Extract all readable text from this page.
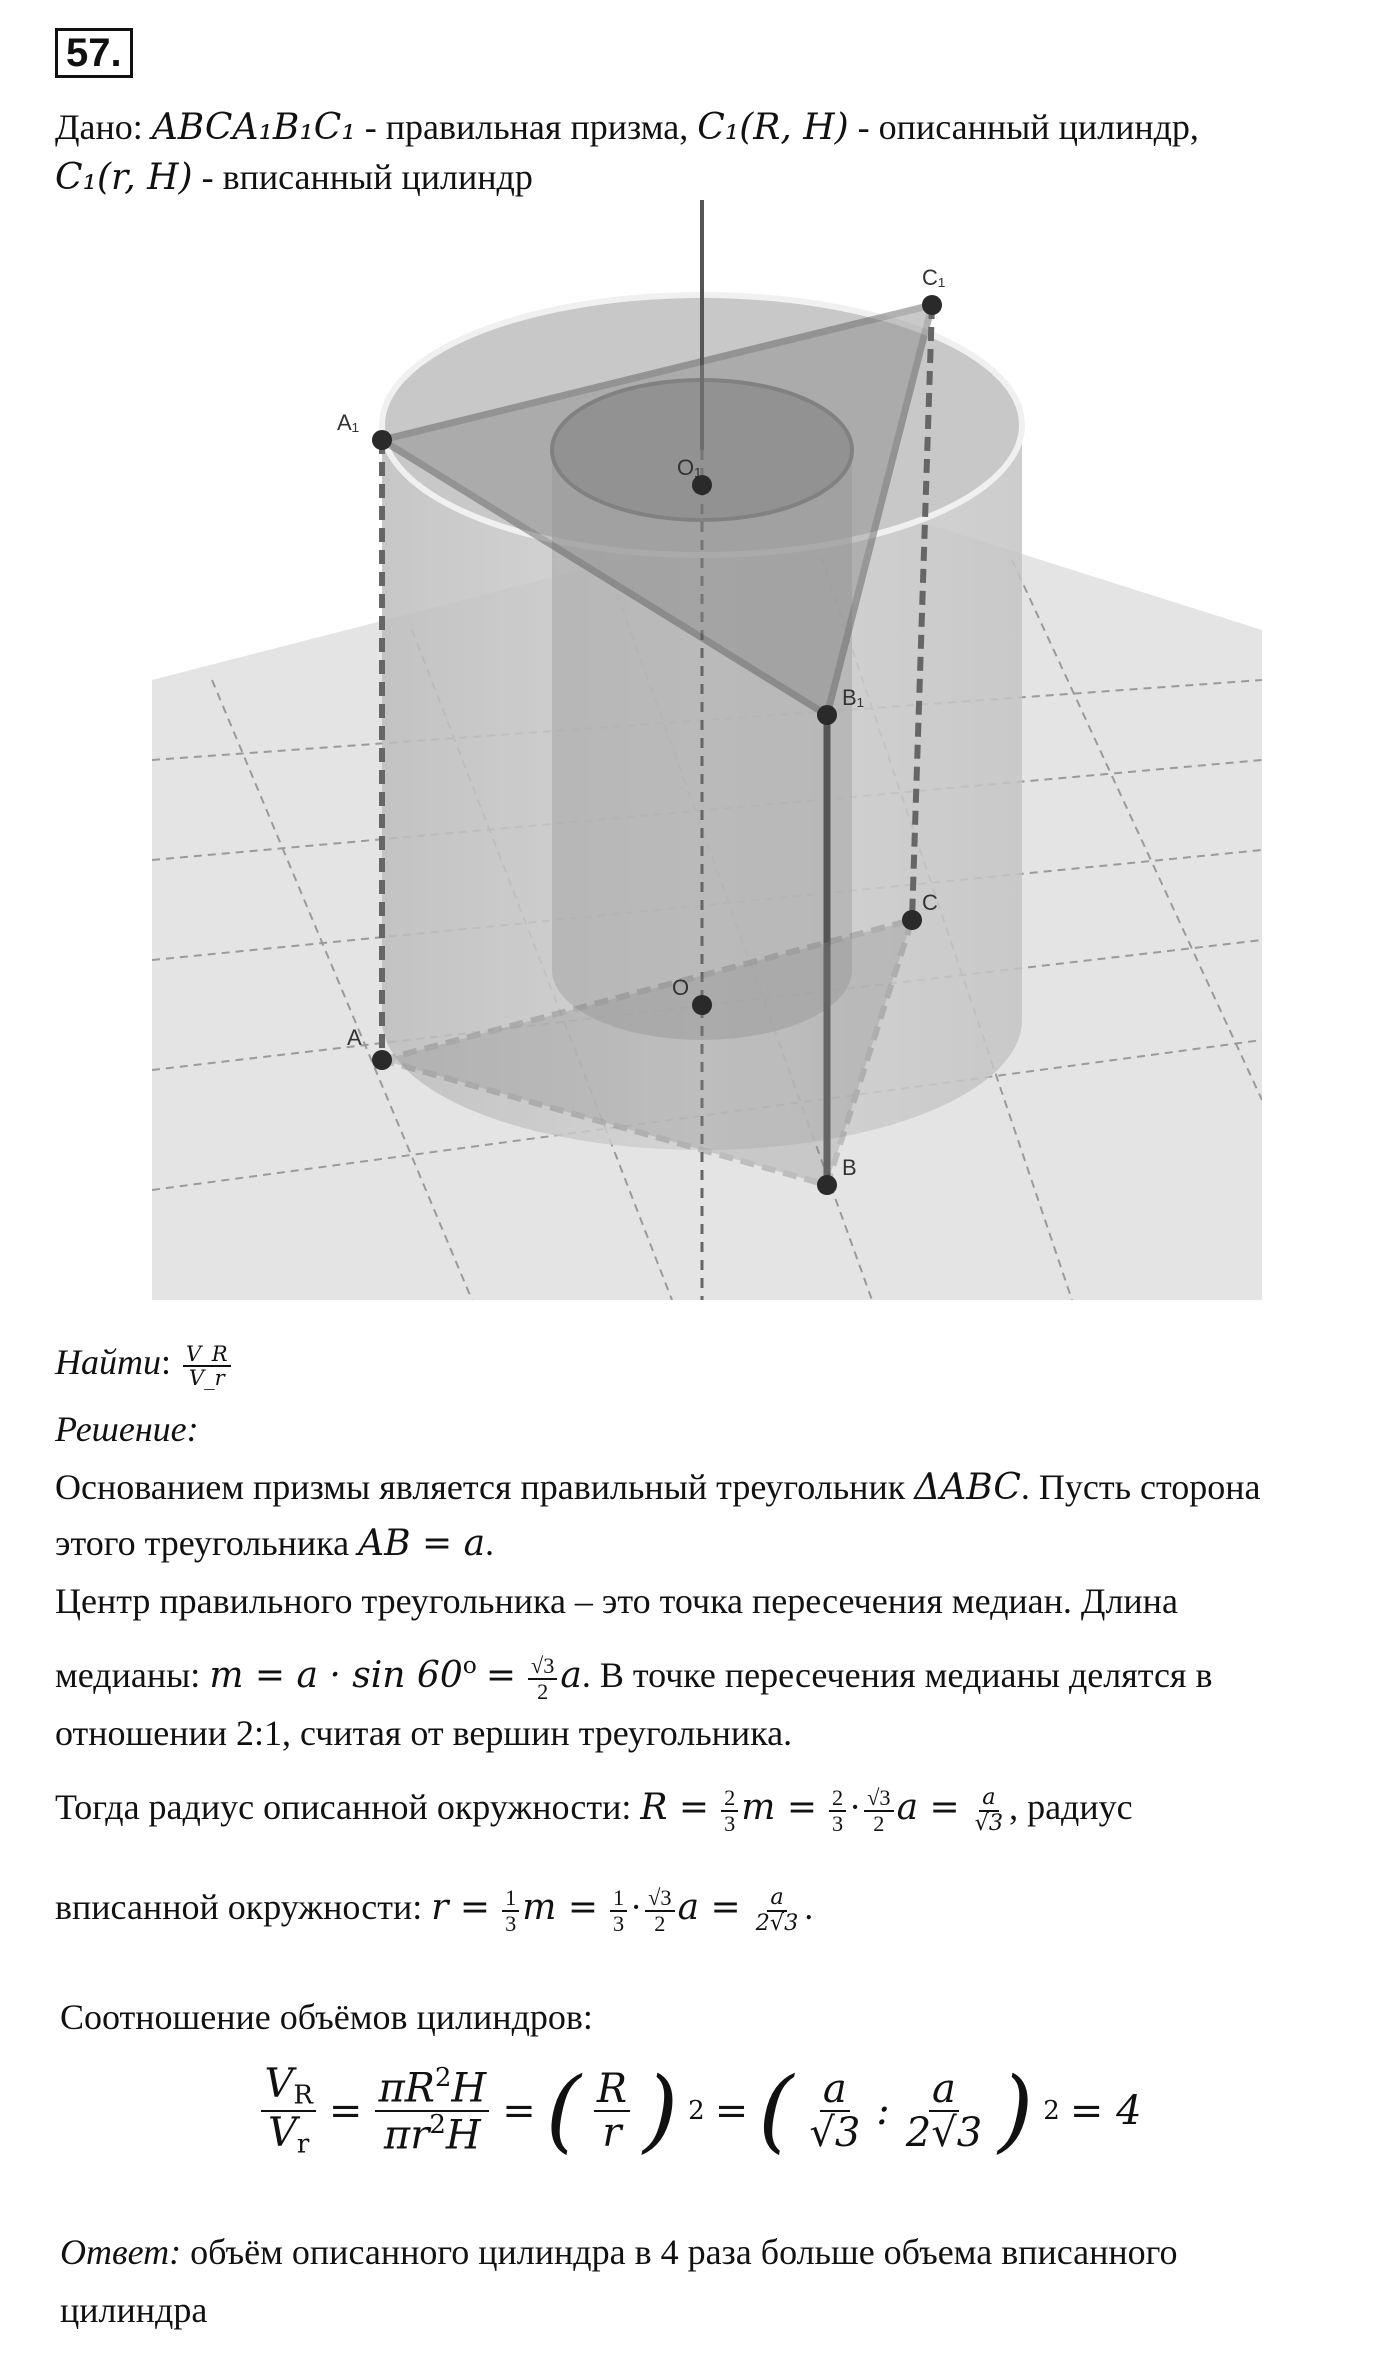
57.
Дано: ABCA₁B₁C₁ - правильная призма, C₁(R, H) - описанный цилиндр,
C₁(r, H) - вписанный цилиндр
A₁
C₁
B₁
O₁
A
C
B
O
Найти: $\frac{V\_R}{V\_r}$
Решение:
Основанием призмы является правильный треугольник ΔABC. Пусть сторона
этого треугольника AB = a.
Центр правильного треугольника – это точка пересечения медиан. Длина
медианы: $m = a \cdot \sin 60^o = \frac{√3}{2} a$. В точке пересечения медианы делятся в
отношении 2:1, считая от вершин треугольника.
Тогда радиус описанной окружности: $R = \frac{2}{3}$ $m = \frac{2}{3} \cdot \frac{√3}{2}$ $a = \frac{a}{√3}$ , радиус
вписанной окружности: $r = \frac{1}{3}$ $m = \frac{1}{3} \cdot \frac{√3}{2}$ $a = \frac{a}{2√3}$ .
Соотношение объёмов цилиндров:
$\frac{V_R}{V_r} = \frac{\pi R^2H}{\pi r^2H}$ = ( $\frac{R}{r}$ ) 2 = ( $\frac{a}{√3}$ : $\frac{a}{2√3}$ ) 2 = 4
Ответ: объём описанного цилиндра в 4 раза больше объема вписанного
цилиндра
